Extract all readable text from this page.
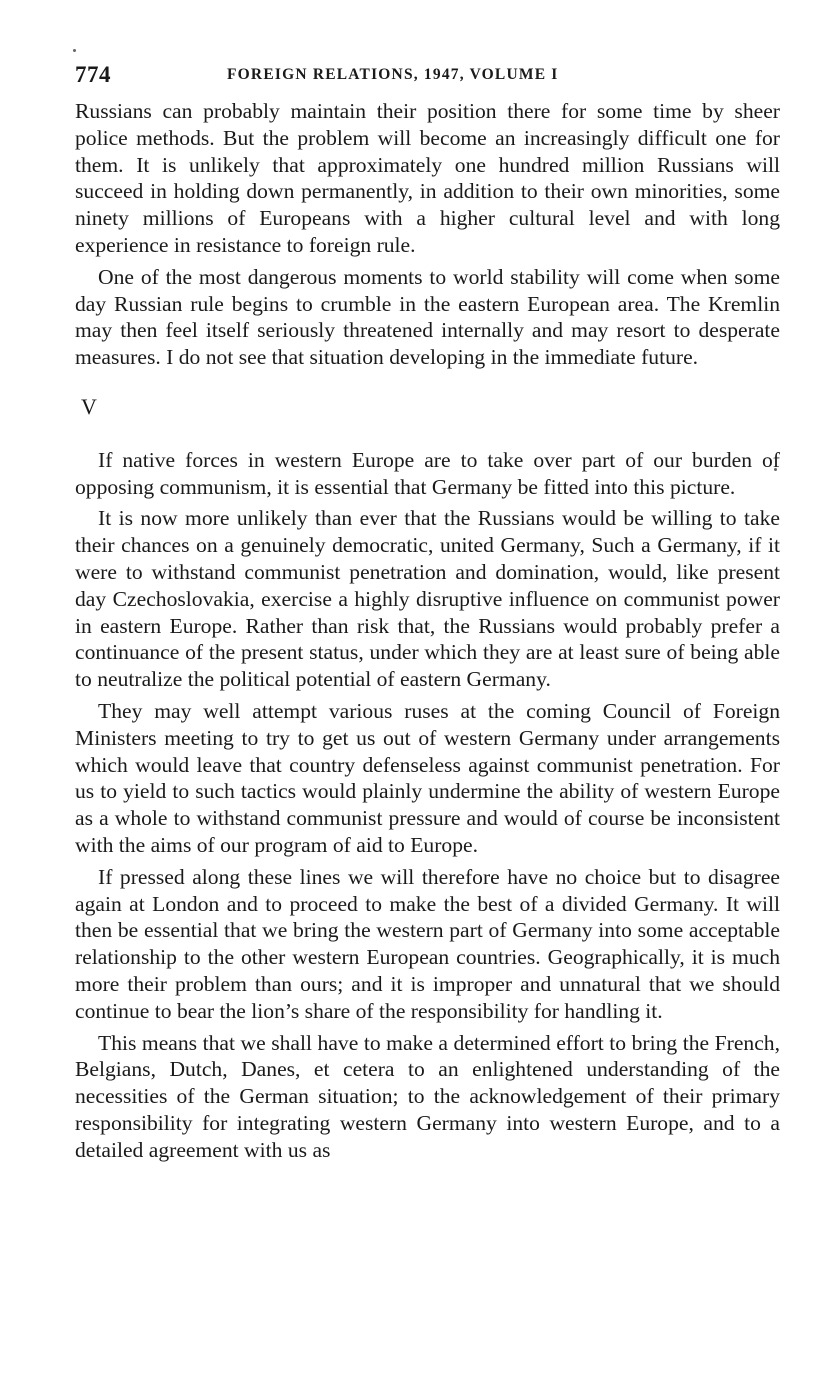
774	FOREIGN RELATIONS, 1947, VOLUME I

Russians can probably maintain their position there for some time by sheer police methods. But the problem will become an increasingly difficult one for them. It is unlikely that approximately one hundred million Russians will succeed in holding down permanently, in addition to their own minorities, some ninety millions of Europeans with a higher cultural level and with long experience in resistance to foreign rule.

One of the most dangerous moments to world stability will come when some day Russian rule begins to crumble in the eastern European area. The Kremlin may then feel itself seriously threatened internally and may resort to desperate measures. I do not see that situation developing in the immediate future.

V

If native forces in western Europe are to take over part of our burden of opposing communism, it is essential that Germany be fitted into this picture.

It is now more unlikely than ever that the Russians would be willing to take their chances on a genuinely democratic, united Germany, Such a Germany, if it were to withstand communist penetration and domination, would, like present day Czechoslovakia, exercise a highly disruptive influence on communist power in eastern Europe. Rather than risk that, the Russians would probably prefer a continuance of the present status, under which they are at least sure of being able to neutralize the political potential of eastern Germany.

They may well attempt various ruses at the coming Council of Foreign Ministers meeting to try to get us out of western Germany under arrangements which would leave that country defenseless against communist penetration. For us to yield to such tactics would plainly undermine the ability of western Europe as a whole to withstand communist pressure and would of course be inconsistent with the aims of our program of aid to Europe.

If pressed along these lines we will therefore have no choice but to disagree again at London and to proceed to make the best of a divided Germany. It will then be essential that we bring the western part of Germany into some acceptable relationship to the other western European countries. Geographically, it is much more their problem than ours; and it is improper and unnatural that we should continue to bear the lion’s share of the responsibility for handling it.

This means that we shall have to make a determined effort to bring the French, Belgians, Dutch, Danes, et cetera to an enlightened understanding of the necessities of the German situation; to the acknowledgement of their primary responsibility for integrating western Germany into western Europe, and to a detailed agreement with us as
